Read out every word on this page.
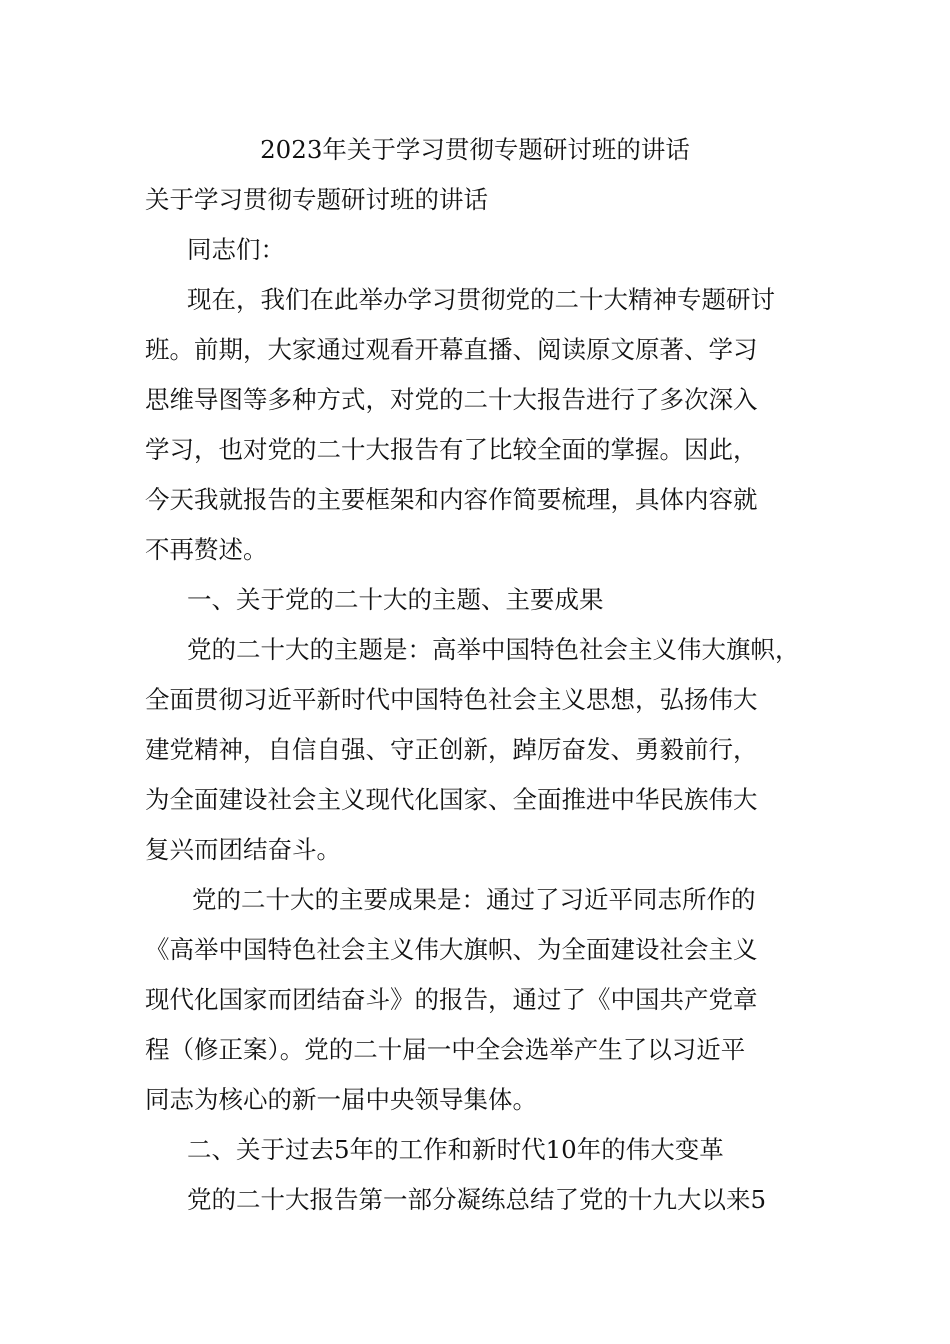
2023年关于学习贯彻专题研讨班的讲话
关于学习贯彻专题研讨班的讲话
同志们：
现在，我们在此举办学习贯彻党的二十大精神专题研讨
班。前期，大家通过观看开幕直播、阅读原文原著、学习
思维导图等多种方式，对党的二十大报告进行了多次深入
学习，也对党的二十大报告有了比较全面的掌握。因此，
今天我就报告的主要框架和内容作简要梳理，具体内容就
不再赘述。
一、关于党的二十大的主题、主要成果
党的二十大的主题是：高举中国特色社会主义伟大旗帜，
全面贯彻习近平新时代中国特色社会主义思想，弘扬伟大
建党精神，自信自强、守正创新，踔厉奋发、勇毅前行，
为全面建设社会主义现代化国家、全面推进中华民族伟大
复兴而团结奋斗。
党的二十大的主要成果是：通过了习近平同志所作的
《高举中国特色社会主义伟大旗帜、为全面建设社会主义
现代化国家而团结奋斗》的报告，通过了《中国共产党章
程（修正案）。党的二十届一中全会选举产生了以习近平
同志为核心的新一届中央领导集体。
二、关于过去5年的工作和新时代10年的伟大变革
党的二十大报告第一部分凝练总结了党的十九大以来5
